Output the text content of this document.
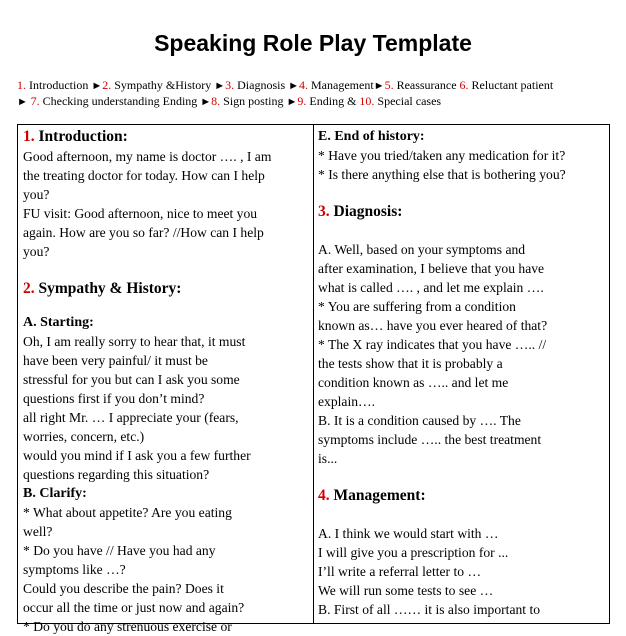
Speaking Role Play Template
1. Introduction ►2. Sympathy &History ►3. Diagnosis ►4. Management►5. Reassurance 6. Reluctant patient
► 7. Checking understanding Ending ►8. Sign posting ►9. Ending & 10. Special cases

1. Introduction:

Good afternoon, my name is doctor …. , I am

the treating doctor for today. How can I help

you?

FU visit: Good afternoon, nice to meet you

again. How are you so far? //How can I help

you?

2. Sympathy & History:

A. Starting:

Oh, I am really sorry to hear that, it must

have been very painful/ it must be

stressful for you but can I ask you some

questions first if you don’t mind?

all right Mr. … I appreciate your (fears,

worries, concern, etc.)

would you mind if I ask you a few further

questions regarding this situation?

B. Clarify:

* What about appetite? Are you eating

well?

* Do you have // Have you had any

symptoms like …?

Could you describe the pain? Does it

occur all the time or just now and again?

* Do you do any strenuous exercise or

E. End of history:

* Have you tried/taken any medication for it?

* Is there anything else that is bothering you?

3. Diagnosis:

A. Well, based on your symptoms and

after examination, I believe that you have

what is called …. , and let me explain ….

* You are suffering from a condition

known as… have you ever heared of that?

* The X ray indicates that you have ….. //

the tests show that it is probably a

condition known as ….. and let me

explain….

B. It is a condition caused by …. The

symptoms include ….. the best treatment

is...

4. Management:

A. I think we would start with …

I will give you a prescription for ...

I’ll write a referral letter to …

We will run some tests to see …

B. First of all …… it is also important to
